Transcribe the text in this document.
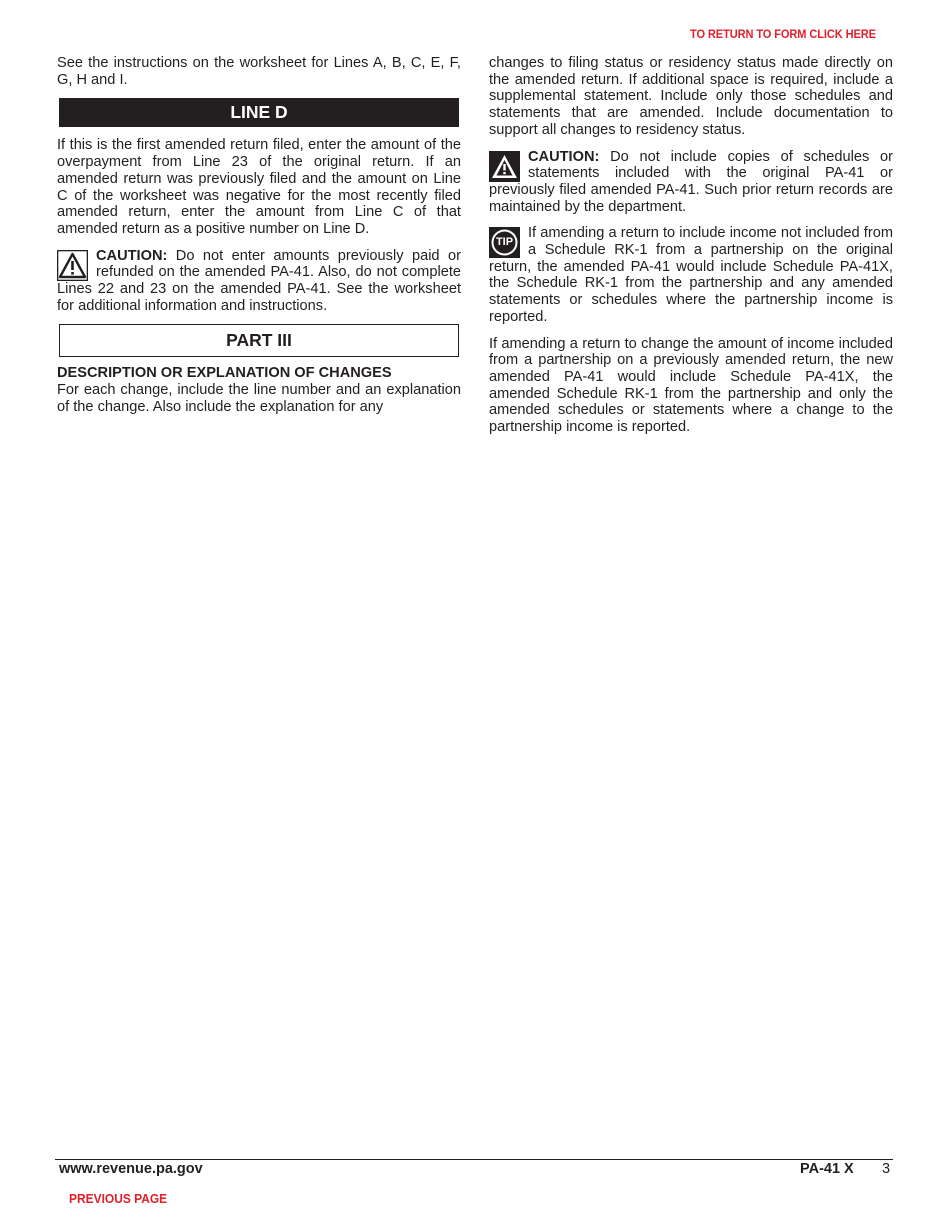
TO RETURN TO FORM CLICK HERE

See the instructions on the worksheet for Lines A, B, C, E, F, G, H and I.

LINE D

If this is the first amended return filed, enter the amount of the overpayment from Line 23 of the original return. If an amended return was previously filed and the amount on Line C of the worksheet was negative for the most recently filed amended return, enter the amount from Line C of that amended return as a positive number on Line D.

CAUTION: Do not enter amounts previously paid or refunded on the amended PA-41. Also, do not complete Lines 22 and 23 on the amended PA-41. See the worksheet for additional information and instructions.

PART III
DESCRIPTION OR EXPLANATION OF CHANGES

For each change, include the line number and an explanation of the change. Also include the explanation for any

changes to filing status or residency status made directly on the amended return. If additional space is required, include a supplemental statement. Include only those schedules and statements that are amended. Include documentation to support all changes to residency status.

CAUTION: Do not include copies of schedules or statements included with the original PA-41 or previously filed amended PA-41. Such prior return records are maintained by the department.

TIP
If amending a return to include income not included from a Schedule RK-1 from a partnership on the original return, the amended PA-41 would include Schedule PA-41X, the Schedule RK-1 from the partnership and any amended statements or schedules where the partnership income is reported.

If amending a return to change the amount of income included from a partnership on a previously amended return, the new amended PA-41 would include Schedule PA-41X, the amended Schedule RK-1 from the partnership and only the amended schedules or statements where a change to the partnership income is reported.

www.revenue.pa.gov	PA-41 X 3
PREVIOUS PAGE
